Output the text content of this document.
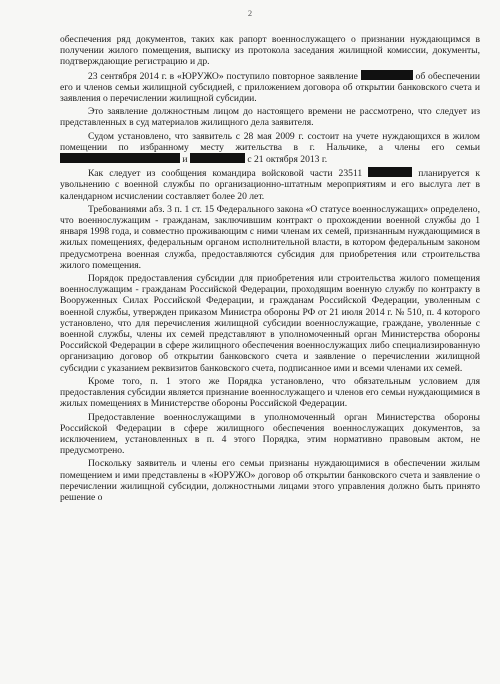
2

обеспечения ряд документов, таких как рапорт военнослужащего о признании нуждающимся в получении жилого помещения, выписку из протокола заседания жилищной комиссии, документы, подтверждающие регистрацию и др.

23 сентября 2014 г. в «ЮРУЖО» поступило повторное заявление	об обеспечении его и членов семьи жилищной субсидией, с приложением договора об открытии банковского счета и заявления о перечислении жилищной субсидии.

Это заявление должностным лицом до настоящего времени не рассмотрено, что следует из представленных в суд материалов жилищного дела заявителя.

Судом установлено, что заявитель с 28 мая 2009 г. состоит на учете нуждающихся в жилом помещении по избранному месту жительства в г. Нальчике, а члены его семьи  и	с 21 октября 2013 г.

Как следует из сообщения командира войсковой части 23511	планируется к увольнению с военной службы по организационно-штатным мероприятиям и его выслуга лет в календарном исчислении составляет более 20 лет.

Требованиями абз. 3 п. 1 ст. 15 Федерального закона «О статусе военнослужащих» определено, что военнослужащим - гражданам, заключившим контракт о прохождении военной службы до 1 января 1998 года, и совместно проживающим с ними членам их семей, признанным нуждающимися в жилых помещениях, федеральным органом исполнительной власти, в котором федеральным законом предусмотрена военная служба, предоставляются субсидия для приобретения или строительства жилого помещения.

Порядок предоставления субсидии для приобретения или строительства жилого помещения военнослужащим - гражданам Российской Федерации, проходящим военную службу по контракту в Вооруженных Силах Российской Федерации, и гражданам Российской Федерации, уволенным с военной службы, утвержден приказом Министра обороны РФ от 21 июля 2014 г. № 510, п. 4 которого установлено, что для перечисления жилищной субсидии военнослужащие, граждане, уволенные с военной службы, члены их семей представляют в уполномоченный орган Министерства обороны Российской Федерации в сфере жилищного обеспечения военнослужащих либо специализированную организацию договор об открытии банковского счета и заявление о перечислении жилищной субсидии с указанием реквизитов банковского счета, подписанное ими и всеми членами их семей.

Кроме того, п. 1 этого же Порядка установлено, что обязательным условием для предоставления субсидии является признание военнослужащего и членов его семьи нуждающимися в жилых помещениях в Министерстве обороны Российской Федерации.

Предоставление военнослужащими в уполномоченный орган Министерства обороны Российской Федерации в сфере жилищного обеспечения военнослужащих документов, за исключением, установленных в п. 4 этого Порядка, этим нормативно правовым актом, не предусмотрено.

Поскольку заявитель и члены его семьи признаны нуждающимися в обеспечении жилым помещением и ими представлены в «ЮРУЖО» договор об открытии банковского счета и заявление о перечислении жилищной субсидии, должностными лицами этого управления должно быть принято решение о
